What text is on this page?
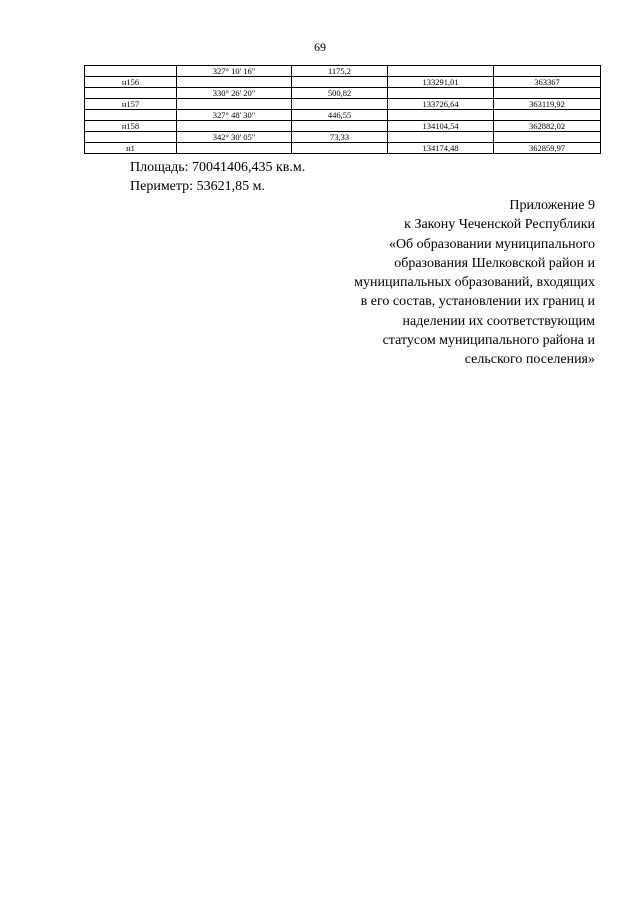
69
	327° 10' 16"	1175,2		
н156			133291,01	363367
	330° 26' 20"	500,82		
н157			133726,64	363119,92
	327° 48' 30"	446,55		
н158			134104,54	362882,02
	342° 30' 05"	73,33		
н1			134174,48	362859,97
Площадь: 70041406,435 кв.м.
Периметр: 53621,85 м.
Приложение 9
к Закону Чеченской Республики
«Об образовании муниципального
образования Шелковской район и
муниципальных образований, входящих
в его состав, установлении их границ и
наделении их соответствующим
статусом муниципального района и
сельского поселения»
